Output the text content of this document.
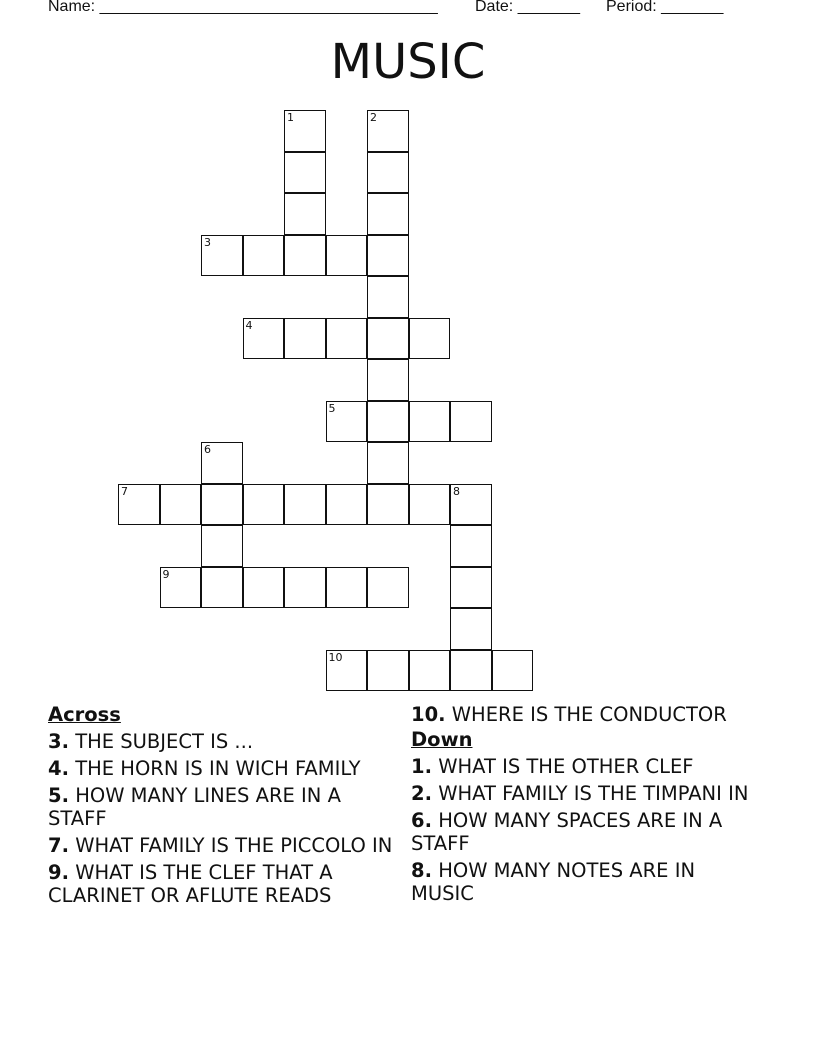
Name: ______________________________________ Date: _______ Period: _______
MUSIC
1	2
3
4
5
6
7	8
9
10
Across
3. THE SUBJECT IS ...
4. THE HORN IS IN WICH FAMILY
5. HOW MANY LINES ARE IN A STAFF
7. WHAT FAMILY IS THE PICCOLO IN
9. WHAT IS THE CLEF THAT A CLARINET OR AFLUTE READS
10. WHERE IS THE CONDUCTOR
Down
1. WHAT IS THE OTHER CLEF
2. WHAT FAMILY IS THE TIMPANI IN
6. HOW MANY SPACES ARE IN A STAFF
8. HOW MANY NOTES ARE IN MUSIC
